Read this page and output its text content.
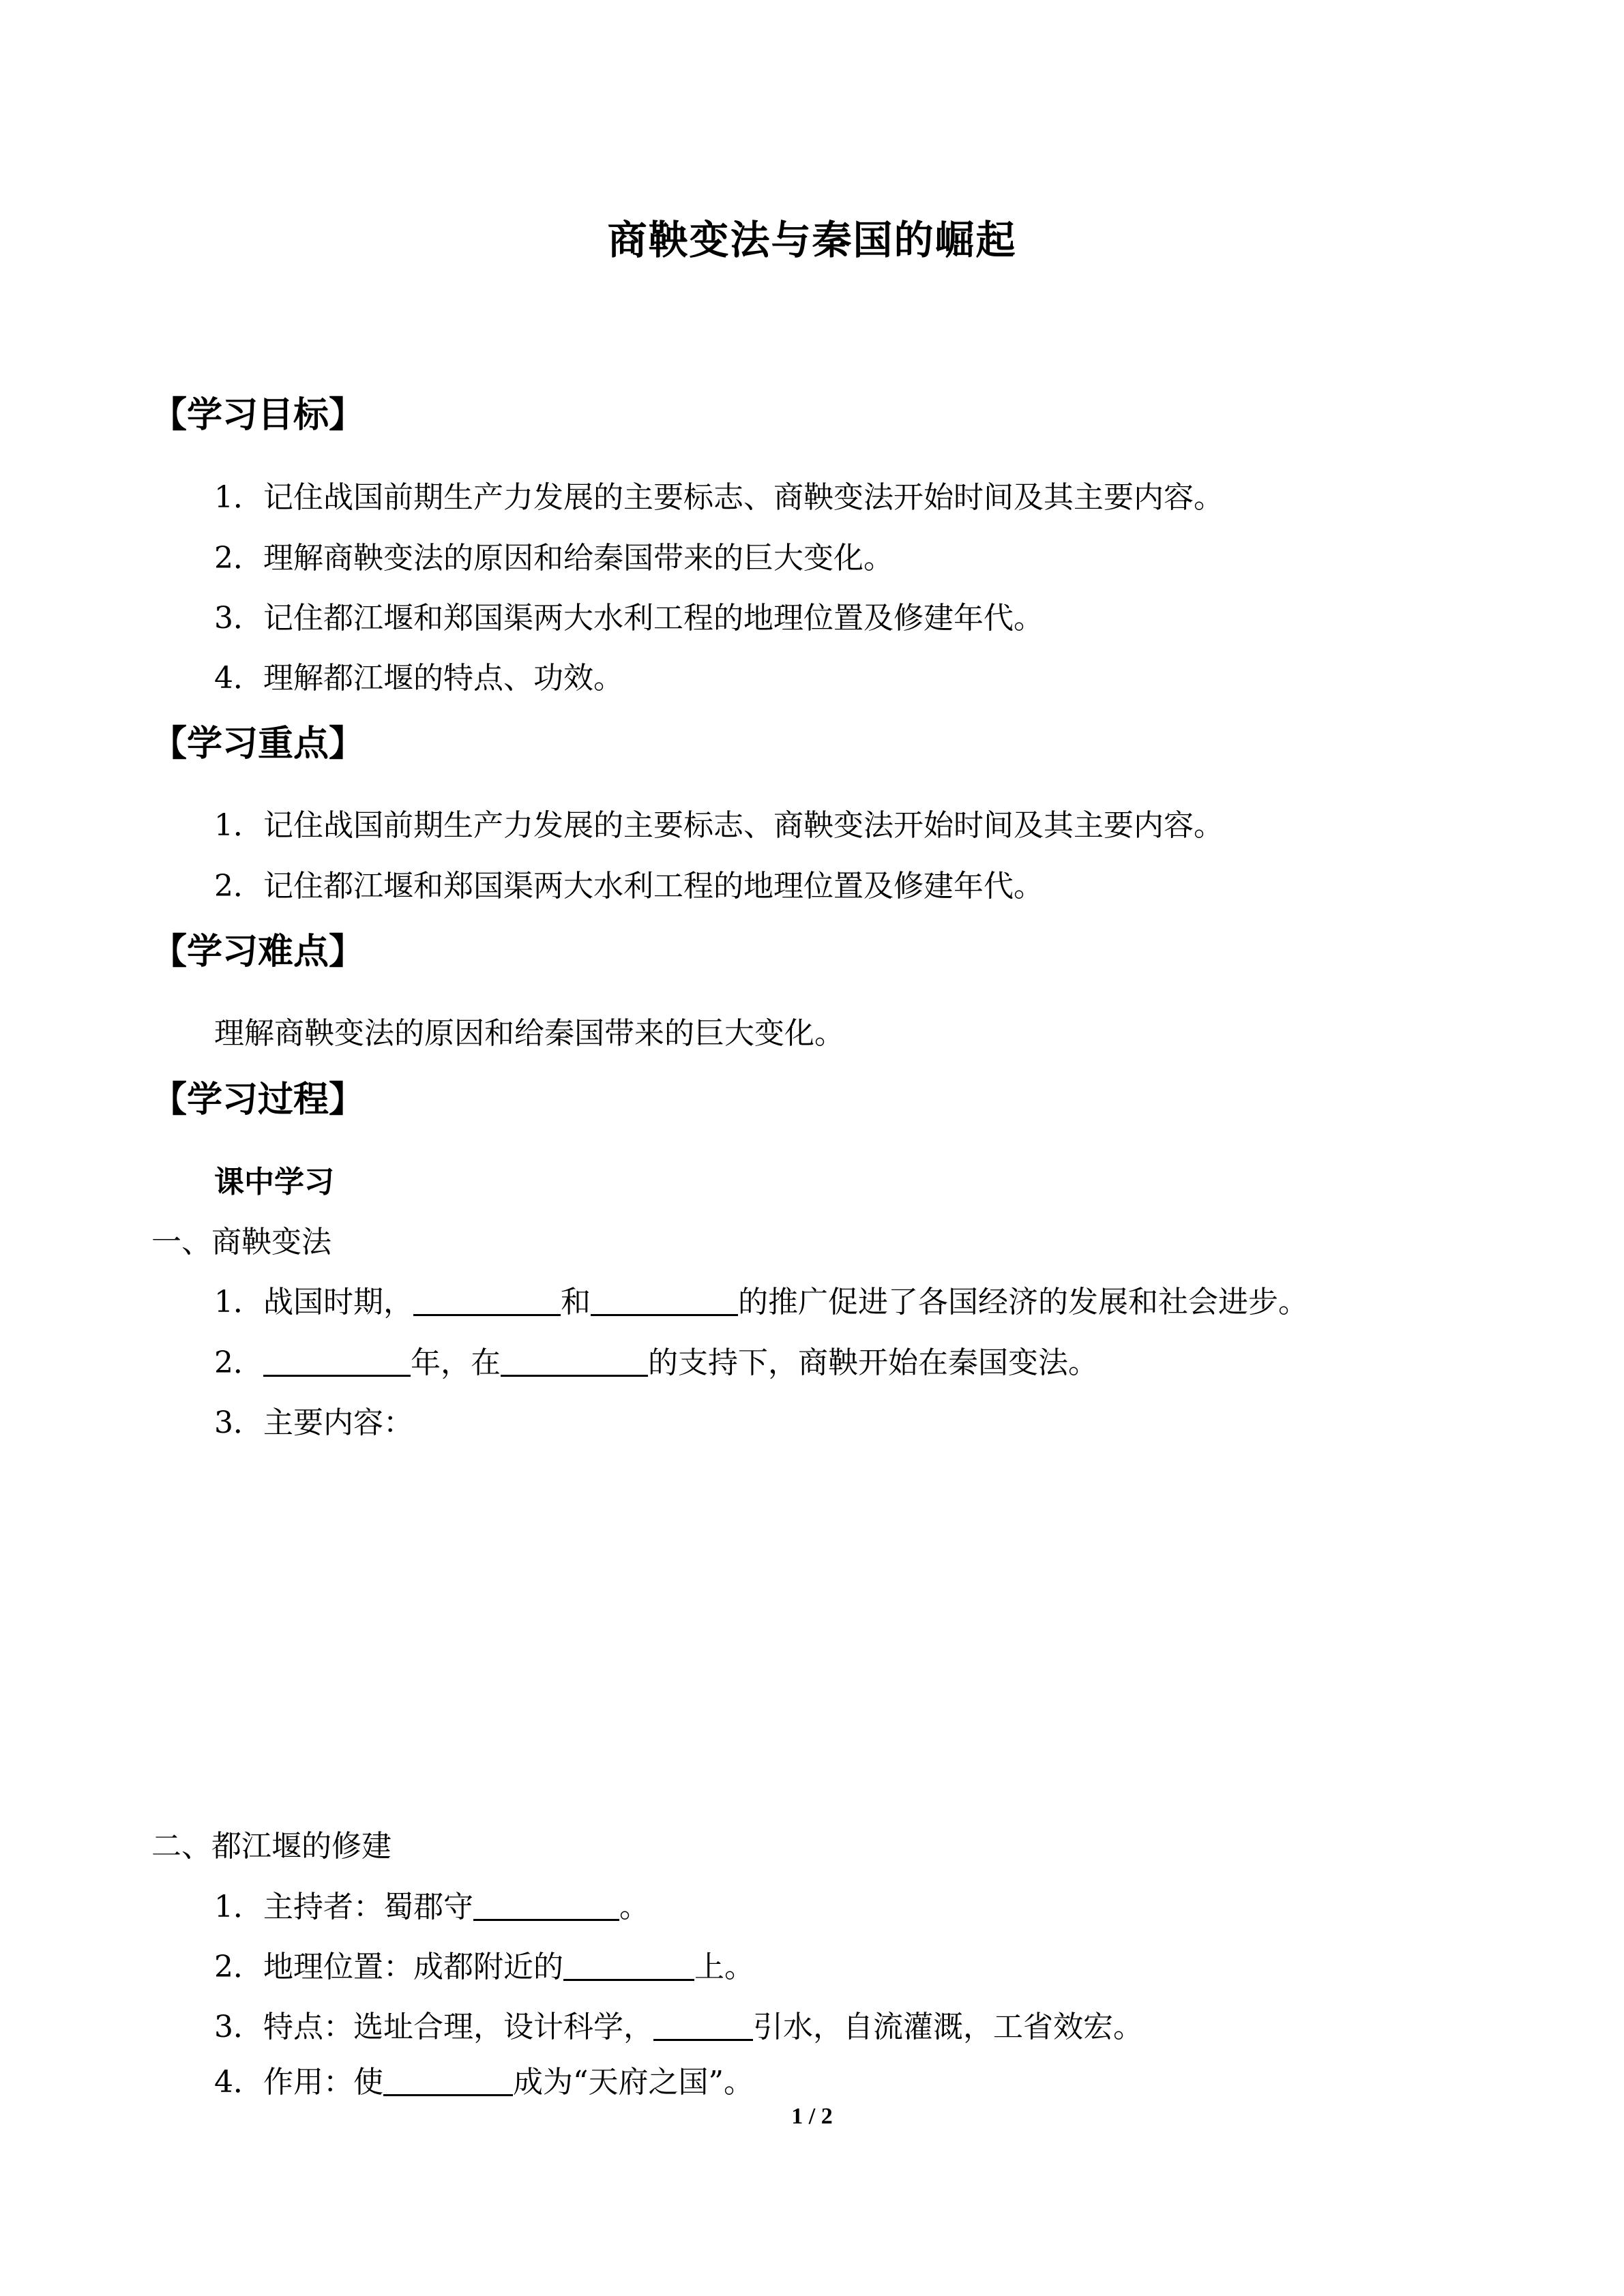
商鞅变法与秦国的崛起
【学习目标】
1．记住战国前期生产力发展的主要标志、商鞅变法开始时间及其主要内容。
2．理解商鞅变法的原因和给秦国带来的巨大变化。
3．记住都江堰和郑国渠两大水利工程的地理位置及修建年代。
4．理解都江堰的特点、功效。
【学习重点】
1．记住战国前期生产力发展的主要标志、商鞅变法开始时间及其主要内容。
2．记住都江堰和郑国渠两大水利工程的地理位置及修建年代。
【学习难点】
理解商鞅变法的原因和给秦国带来的巨大变化。
【学习过程】
课中学习
一、商鞅变法
1．战国时期，	和	的推广促进了各国经济的发展和社会进步。
2．	年，在	的支持下，商鞅开始在秦国变法。
3．主要内容：
二、都江堰的修建
1．主持者：蜀郡守	。
2．地理位置：成都附近的	上。
3．特点：选址合理，设计科学，	引水，自流灌溉，工省效宏。
4．作用：使	成为“天府之国”。
1 / 2
